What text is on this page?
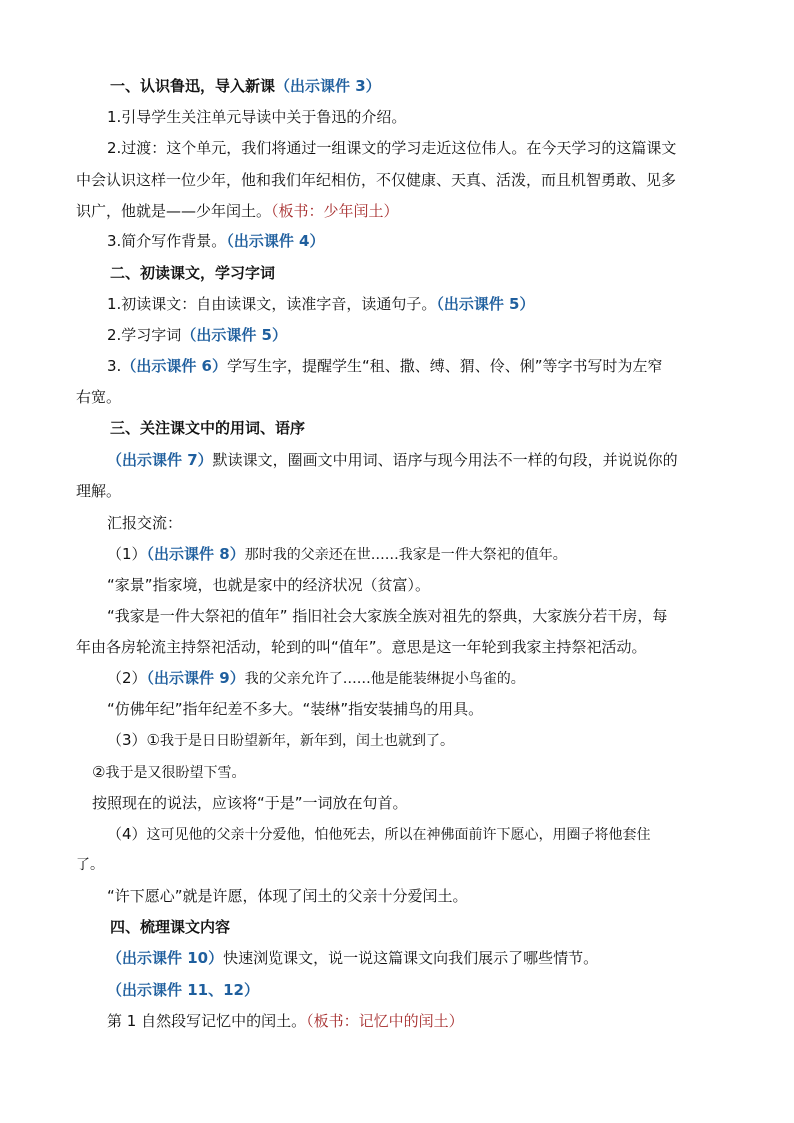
一、认识鲁迅，导入新课（出示课件 3）
1.引导学生关注单元导读中关于鲁迅的介绍。
2.过渡：这个单元，我们将通过一组课文的学习走近这位伟人。在今天学习的这篇课文
中会认识这样一位少年，他和我们年纪相仿，不仅健康、天真、活泼，而且机智勇敢、见多
识广，他就是——少年闰土。（板书：少年闰土）
3.简介写作背景。（出示课件 4）
二、初读课文，学习字词
1.初读课文：自由读课文，读准字音，读通句子。（出示课件 5）
2.学习字词（出示课件 5）
3.（出示课件 6）学写生字，提醒学生“租、撒、缚、猬、伶、俐”等字书写时为左窄
右宽。
三、关注课文中的用词、语序
（出示课件 7）默读课文，圈画文中用词、语序与现今用法不一样的句段，并说说你的
理解。
汇报交流：
（1）（出示课件 8）那时我的父亲还在世……我家是一件大祭祀的值年。
“家景”指家境，也就是家中的经济状况（贫富）。
“我家是一件大祭祀的值年” 指旧社会大家族全族对祖先的祭典，大家族分若干房，每
年由各房轮流主持祭祀活动，轮到的叫“值年”。意思是这一年轮到我家主持祭祀活动。
（2）（出示课件 9）我的父亲允许了……他是能装𬘭捉小鸟雀的。
“仿佛年纪”指年纪差不多大。“装𬘭”指安装捕鸟的用具。
（3）①我于是日日盼望新年，新年到，闰土也就到了。
②我于是又很盼望下雪。
按照现在的说法，应该将“于是”一词放在句首。
（4）这可见他的父亲十分爱他，怕他死去，所以在神佛面前许下愿心，用圈子将他套住
了。
“许下愿心”就是许愿，体现了闰土的父亲十分爱闰土。
四、梳理课文内容
（出示课件 10）快速浏览课文，说一说这篇课文向我们展示了哪些情节。
（出示课件 11、12）
第 1 自然段写记忆中的闰土。（板书：记忆中的闰土）
